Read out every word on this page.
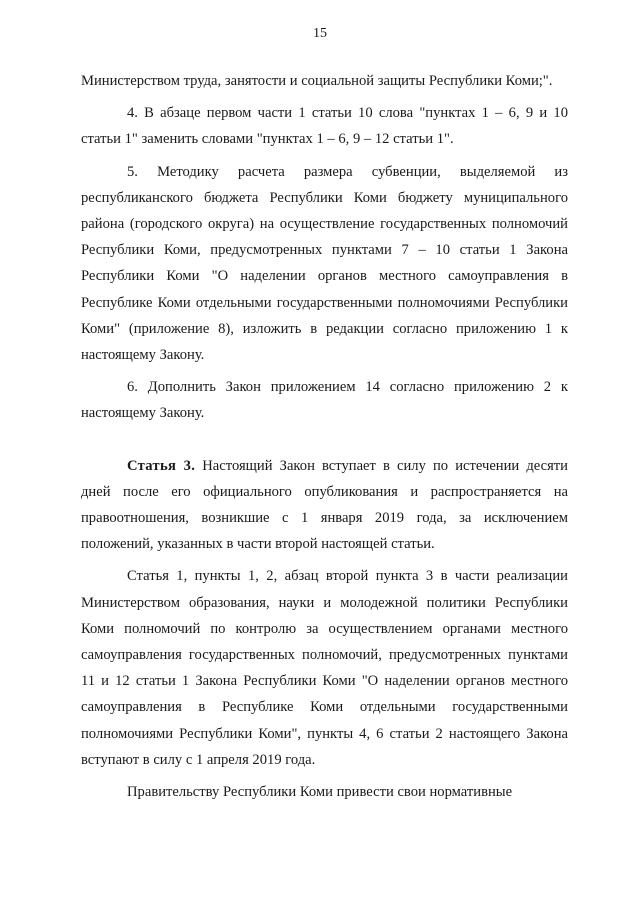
15

Министерством труда, занятости и социальной защиты Республики Коми;".

4. В абзаце первом части 1 статьи 10 слова "пунктах 1 – 6, 9 и 10 статьи 1" заменить словами "пунктах 1 – 6, 9 – 12 статьи 1".

5. Методику расчета размера субвенции, выделяемой из республиканского бюджета Республики Коми бюджету муниципального района (городского округа) на осуществление государственных полномочий Республики Коми, предусмотренных пунктами 7 – 10 статьи 1 Закона Республики Коми "О наделении органов местного самоуправления в Республике Коми отдельными государственными полномочиями Республики Коми" (приложение 8), изложить в редакции согласно приложению 1 к настоящему Закону.

6. Дополнить Закон приложением 14 согласно приложению 2 к настоящему Закону.

Статья 3. Настоящий Закон вступает в силу по истечении десяти дней после его официального опубликования и распространяется на правоотношения, возникшие с 1 января 2019 года, за исключением положений, указанных в части второй настоящей статьи.

Статья 1, пункты 1, 2, абзац второй пункта 3 в части реализации Министерством образования, науки и молодежной политики Республики Коми полномочий по контролю за осуществлением органами местного самоуправления государственных полномочий, предусмотренных пунктами 11 и 12 статьи 1 Закона Республики Коми "О наделении органов местного самоуправления в Республике Коми отдельными государственными полномочиями Республики Коми", пункты 4, 6 статьи 2 настоящего Закона вступают в силу с 1 апреля 2019 года.

Правительству Республики Коми привести свои нормативные
